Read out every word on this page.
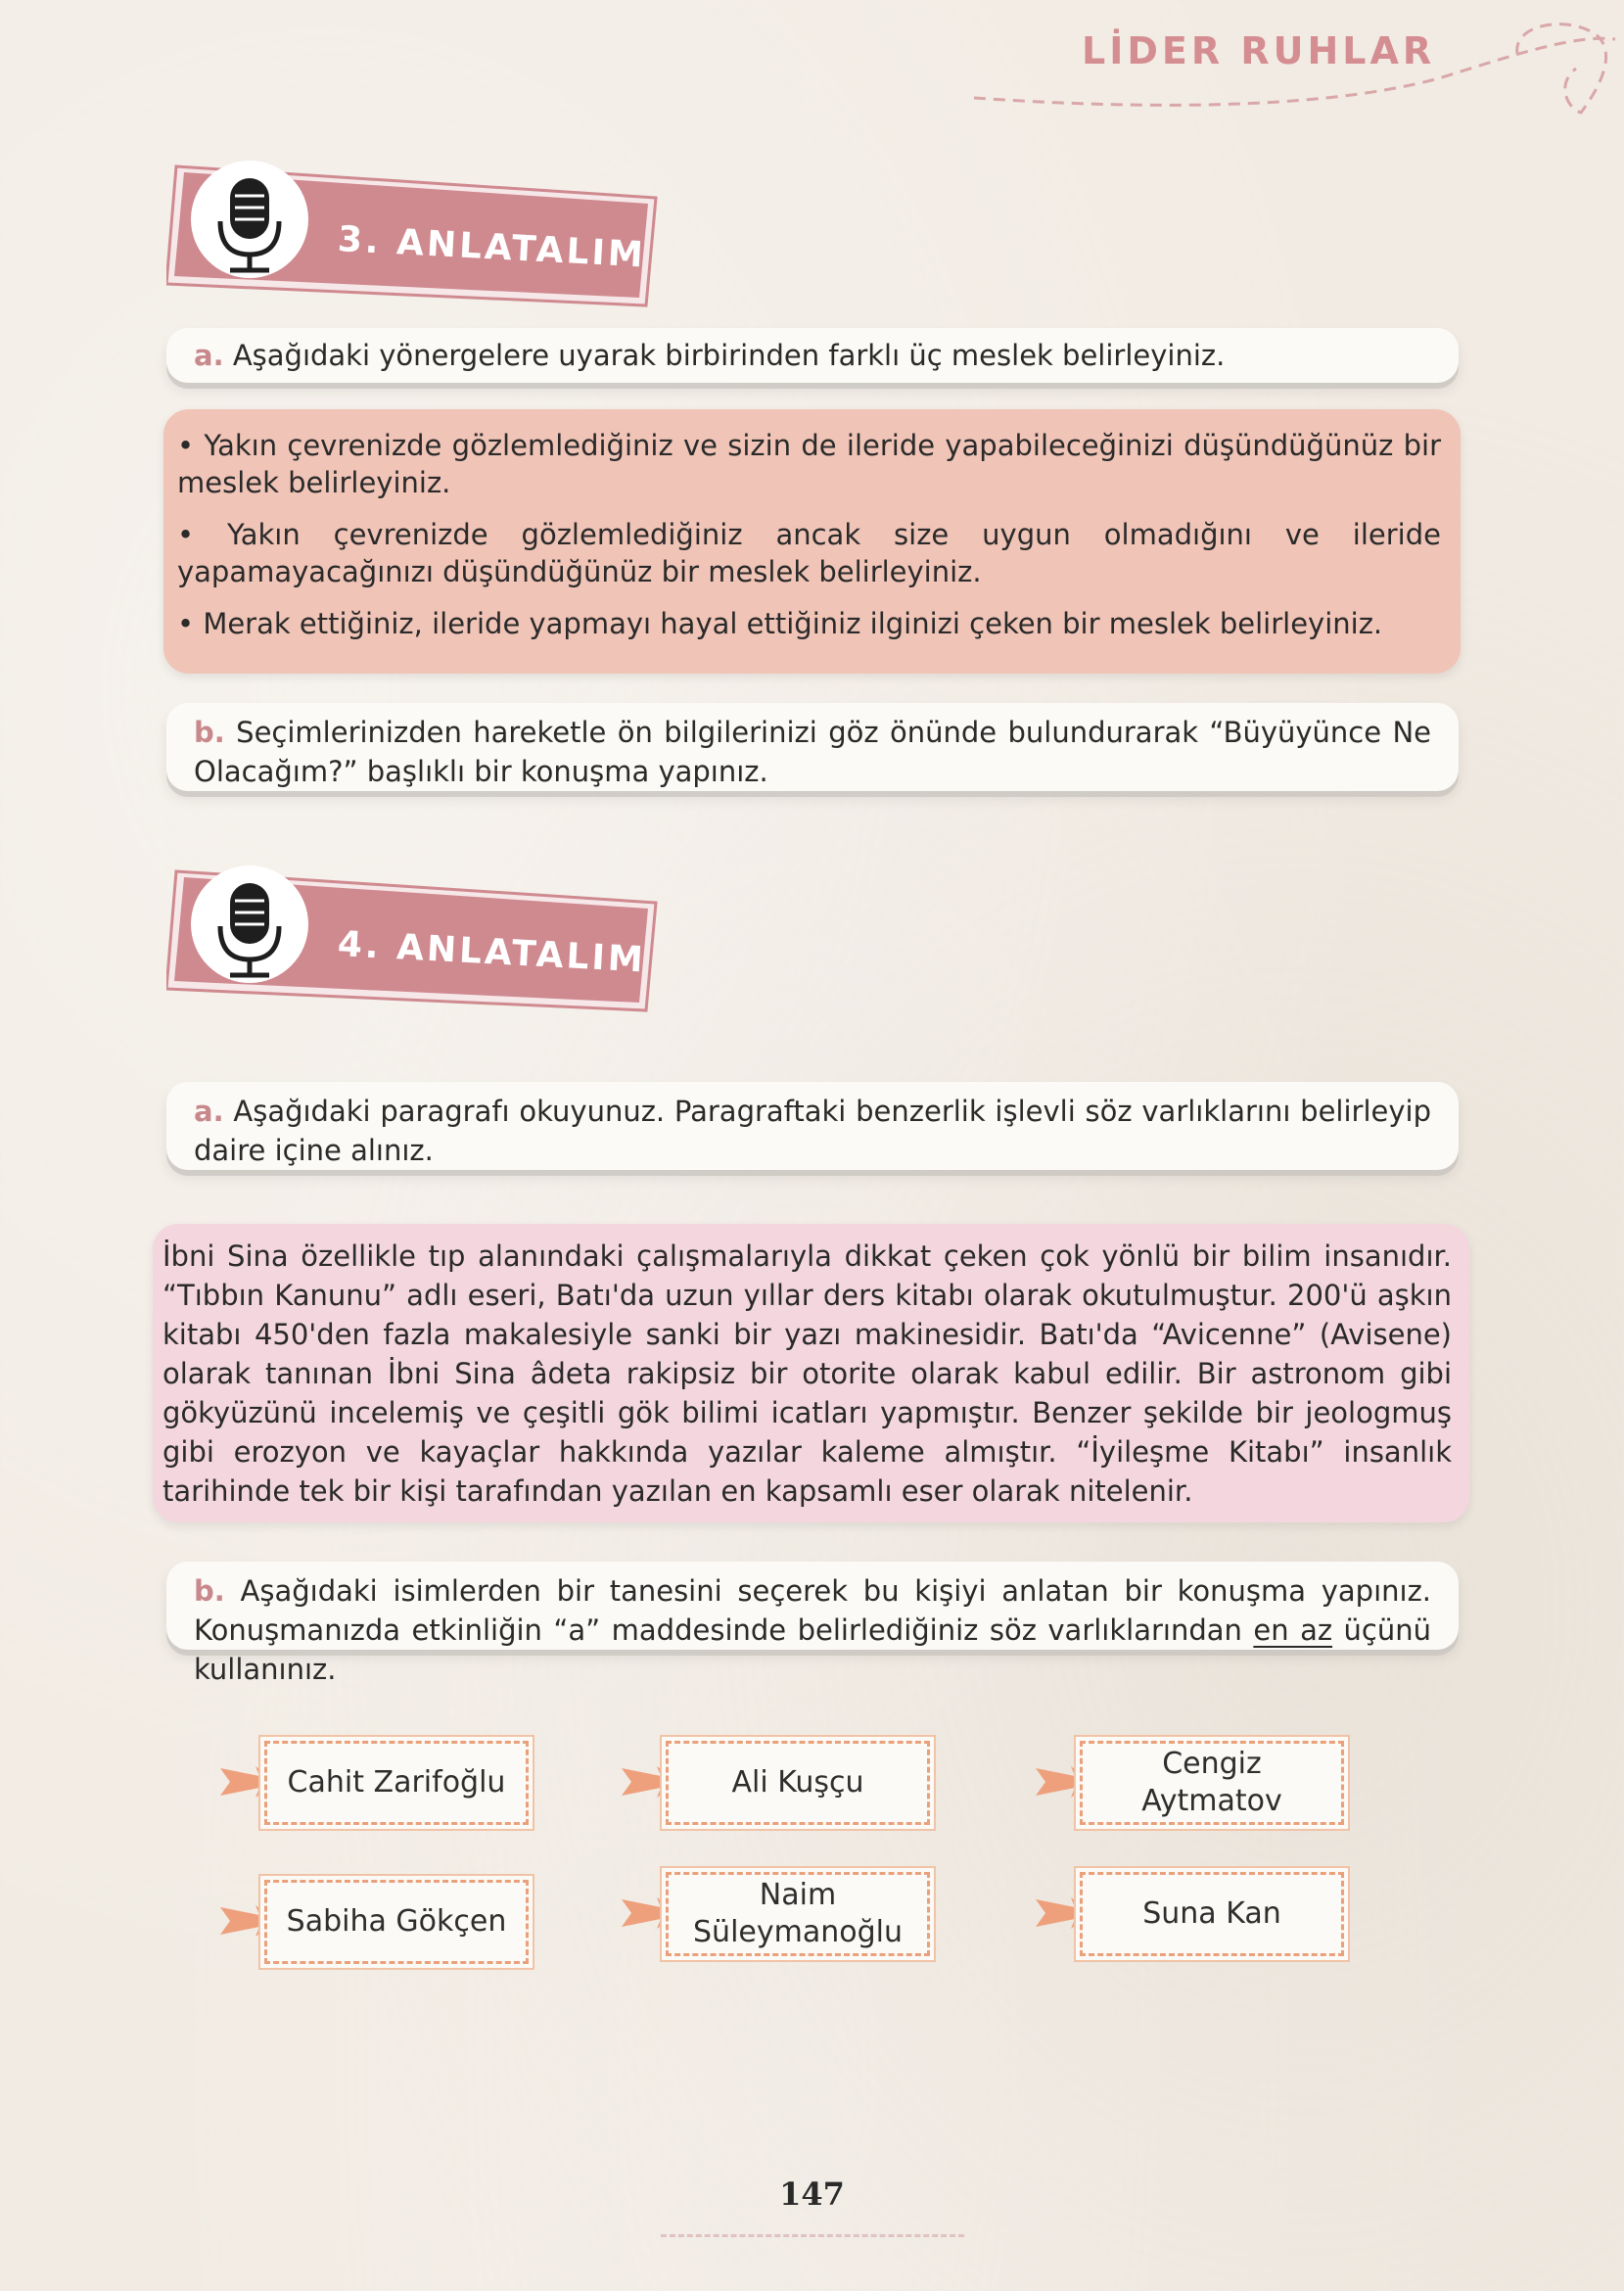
LİDER RUHLAR
3. ANLATALIM
a. Aşağıdaki yönergelere uyarak birbirinden farklı üç meslek belirleyiniz.

• Yakın çevrenizde gözlemlediğiniz ve sizin de ileride yapabileceğinizi düşündüğünüz bir meslek belirleyiniz.

• Yakın çevrenizde gözlemlediğiniz ancak size uygun olmadığını ve ileride yapamayacağınızı düşündüğünüz bir meslek belirleyiniz.

• Merak ettiğiniz, ileride yapmayı hayal ettiğiniz ilginizi çeken bir meslek belirleyiniz.

b. Seçimlerinizden hareketle ön bilgilerinizi göz önünde bulundurarak “Büyüyünce Ne Olacağım?” başlıklı bir konuşma yapınız.
4. ANLATALIM
a. Aşağıdaki paragrafı okuyunuz. Paragraftaki benzerlik işlevli söz varlıklarını belirleyip daire içine alınız.
İbni Sina özellikle tıp alanındaki çalışmalarıyla dikkat çeken çok yönlü bir bilim insanıdır. “Tıbbın Kanunu” adlı eseri, Batı'da uzun yıllar ders kitabı olarak okutulmuştur. 200'ü aşkın kitabı 450'den fazla makalesiyle sanki bir yazı makinesidir. Batı'da “Avicenne” (Avisene) olarak tanınan İbni Sina âdeta rakipsiz bir otorite olarak kabul edilir. Bir astronom gibi gökyüzünü incelemiş ve çeşitli gök bilimi icatları yapmıştır. Benzer şekilde bir jeologmuş gibi erozyon ve kayaçlar hakkında yazılar kaleme almıştır. “İyileşme Kitabı” insanlık tarihinde tek bir kişi tarafından yazılan en kapsamlı eser olarak nitelenir.
b. Aşağıdaki isimlerden bir tanesini seçerek bu kişiyi anlatan bir konuşma yapınız. Konuşmanızda etkinliğin “a” maddesinde belirlediğiniz söz varlıklarından en az üçünü kullanınız.
Cahit Zarifoğlu	Ali Kuşçu
Cengiz Aytmatov
Sabiha Gökçen
Naim Süleymanoğlu
Suna Kan
147
